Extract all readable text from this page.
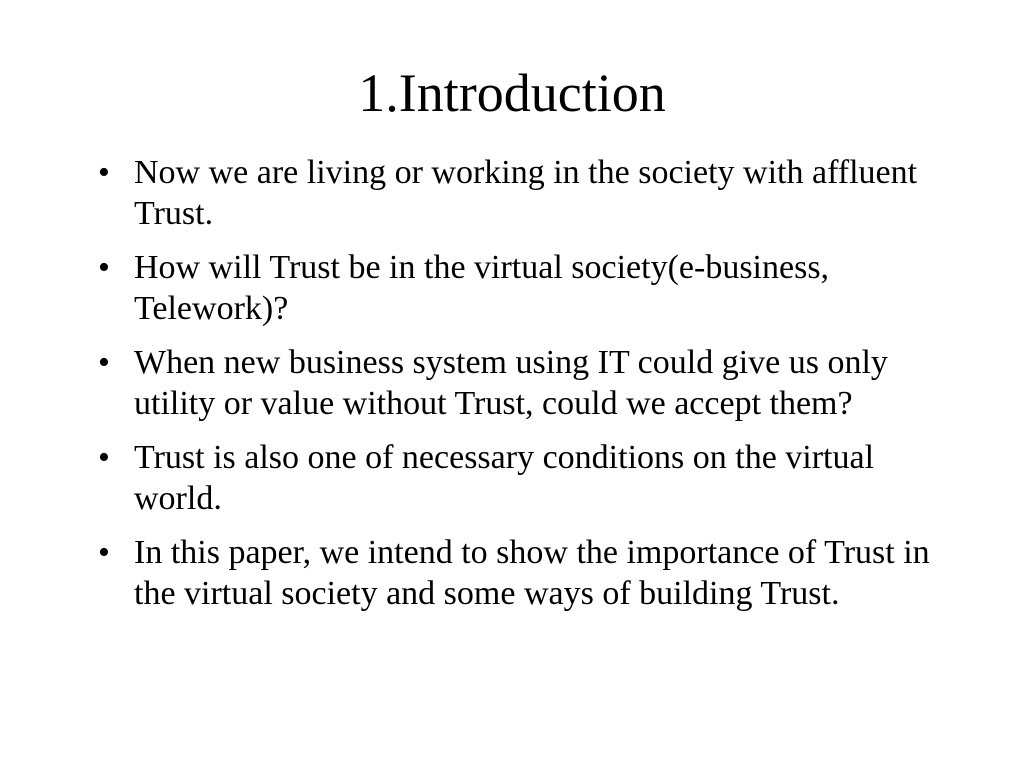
1.Introduction
• Now we are living or working in the society with affluent Trust.
• How will Trust be in the virtual society(e-business, Telework)?
• When new business system using IT could give us only utility or value without Trust, could we accept them?
• Trust is also one of necessary conditions on the virtual world.
• In this paper, we intend to show the importance of Trust in the virtual society and some ways of building Trust.
